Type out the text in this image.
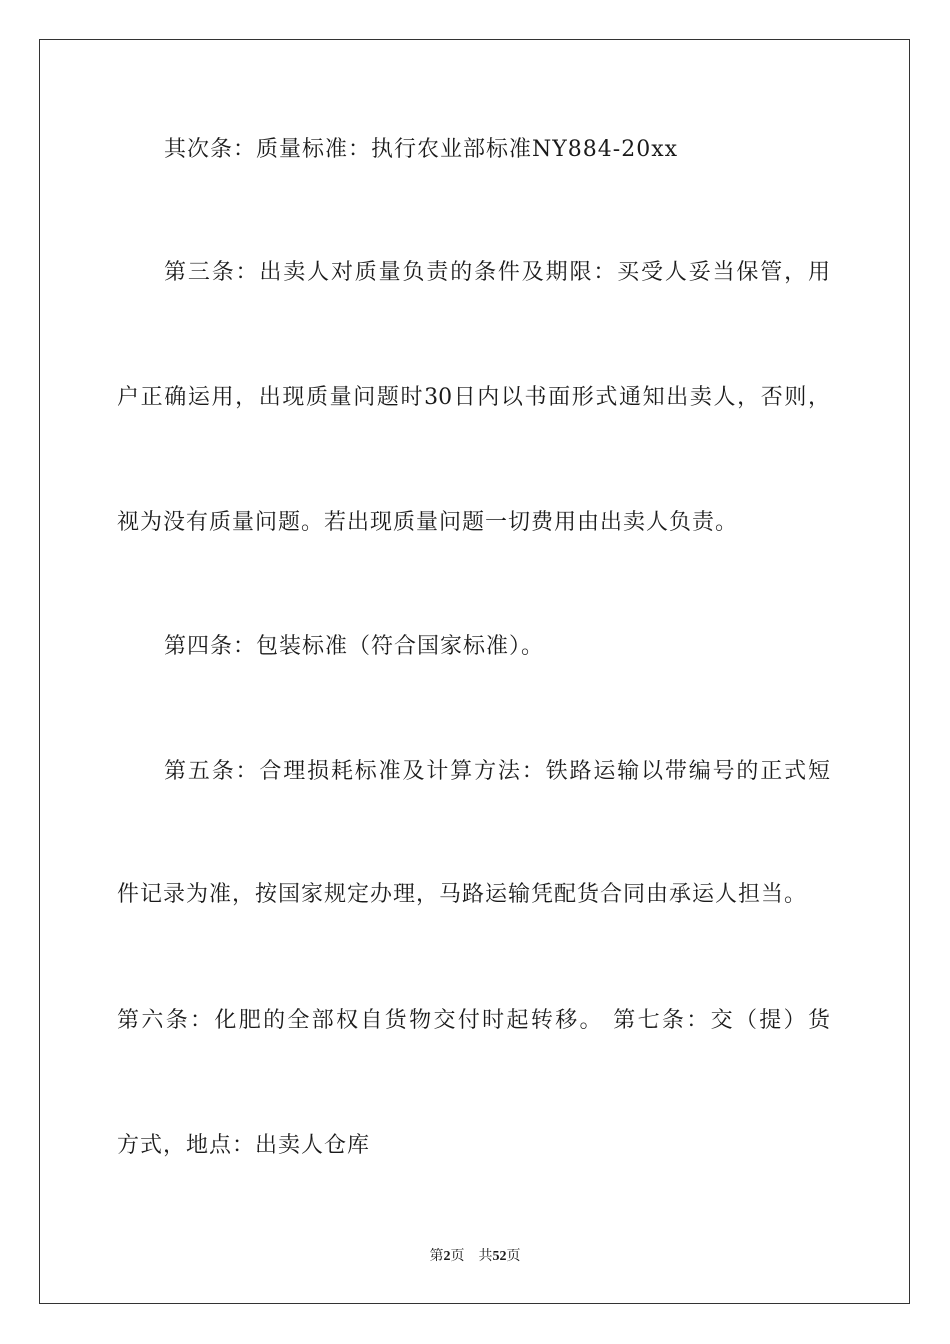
其次条：质量标准：执行农业部标准NY884-20xx
第三条：出卖人对质量负责的条件及期限：买受人妥当保管，用
户正确运用，出现质量问题时30日内以书面形式通知出卖人，否则，
视为没有质量问题。若出现质量问题一切费用由出卖人负责。
第四条：包装标准（符合国家标准）。
第五条：合理损耗标准及计算方法：铁路运输以带编号的正式短
件记录为准，按国家规定办理，马路运输凭配货合同由承运人担当。
第六条：化肥的全部权自货物交付时起转移。 第七条：交（提）货
方式，地点：出卖人仓库
第2页 共52页
